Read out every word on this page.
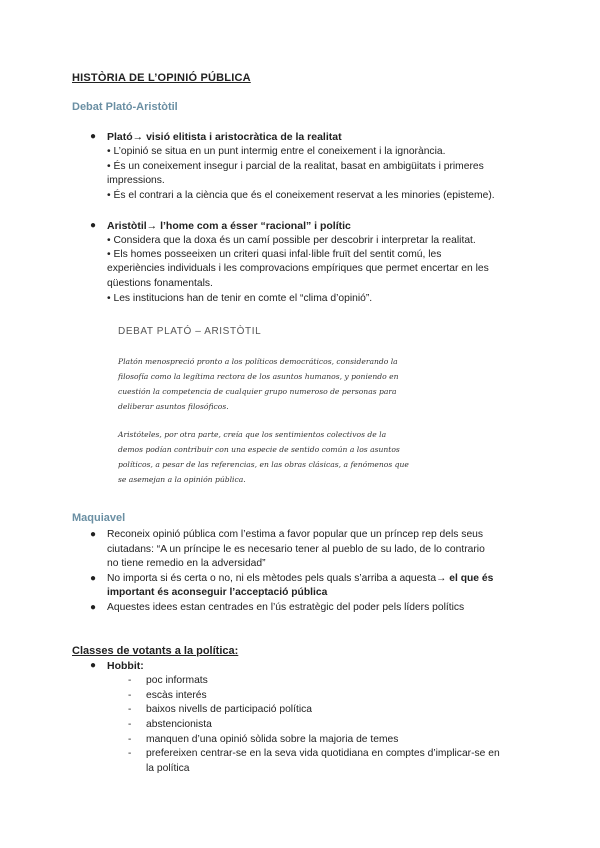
HISTÒRIA DE L’OPINIÓ PÚBLICA
Debat Plató-Aristòtil
● Plató→ visió elitista i aristocràtica de la realitat
• L’opinió se situa en un punt intermig entre el coneixement i la ignorància.
• És un coneixement insegur i parcial de la realitat, basat en ambigüitats i primeres
impressions.
• És el contrari a la ciència que és el coneixement reservat a les minories (episteme).
● Aristòtil→ l’home com a ésser “racional” i polític
• Considera que la doxa és un camí possible per descobrir i interpretar la realitat.
• Els homes posseeixen un criteri quasi infal·lible fruït del sentit comú, les
experiències individuals i les comprovacions empíriques que permet encertar en les
qüestions fonamentals.
• Les institucions han de tenir en comte el “clima d’opinió”.
DEBAT PLATÓ – ARISTÒTIL
Platón menospreció pronto a los políticos democráticos, considerando la
filosofía como la legítima rectora de los asuntos humanos, y poniendo en
cuestión la competencia de cualquier grupo numeroso de personas para
deliberar asuntos filosóficos.
Aristóteles, por otra parte, creía que los sentimientos colectivos de la
demos podían contribuir con una especie de sentido común a los asuntos
políticos, a pesar de las referencias, en las obras clásicas, a fenómenos que
se asemejan a la opinión pública.
Maquiavel
● Reconeix opinió pública com l’estima a favor popular que un príncep rep dels seus
ciutadans: “A un príncipe le es necesario tener al pueblo de su lado, de lo contrario
no tiene remedio en la adversidad”
● No importa si és certa o no, ni els mètodes pels quals s’arriba a aquesta→ el que és
important és aconseguir l’acceptació pública
● Aquestes idees estan centrades en l’ús estratègic del poder pels líders polítics
Classes de votants a la política:
● Hobbit:
- poc informats
- escàs interés
- baixos nivells de participació política
- abstencionista
- manquen d’una opinió sòlida sobre la majoria de temes
- prefereixen centrar-se en la seva vida quotidiana en comptes d’implicar-se en
la política
